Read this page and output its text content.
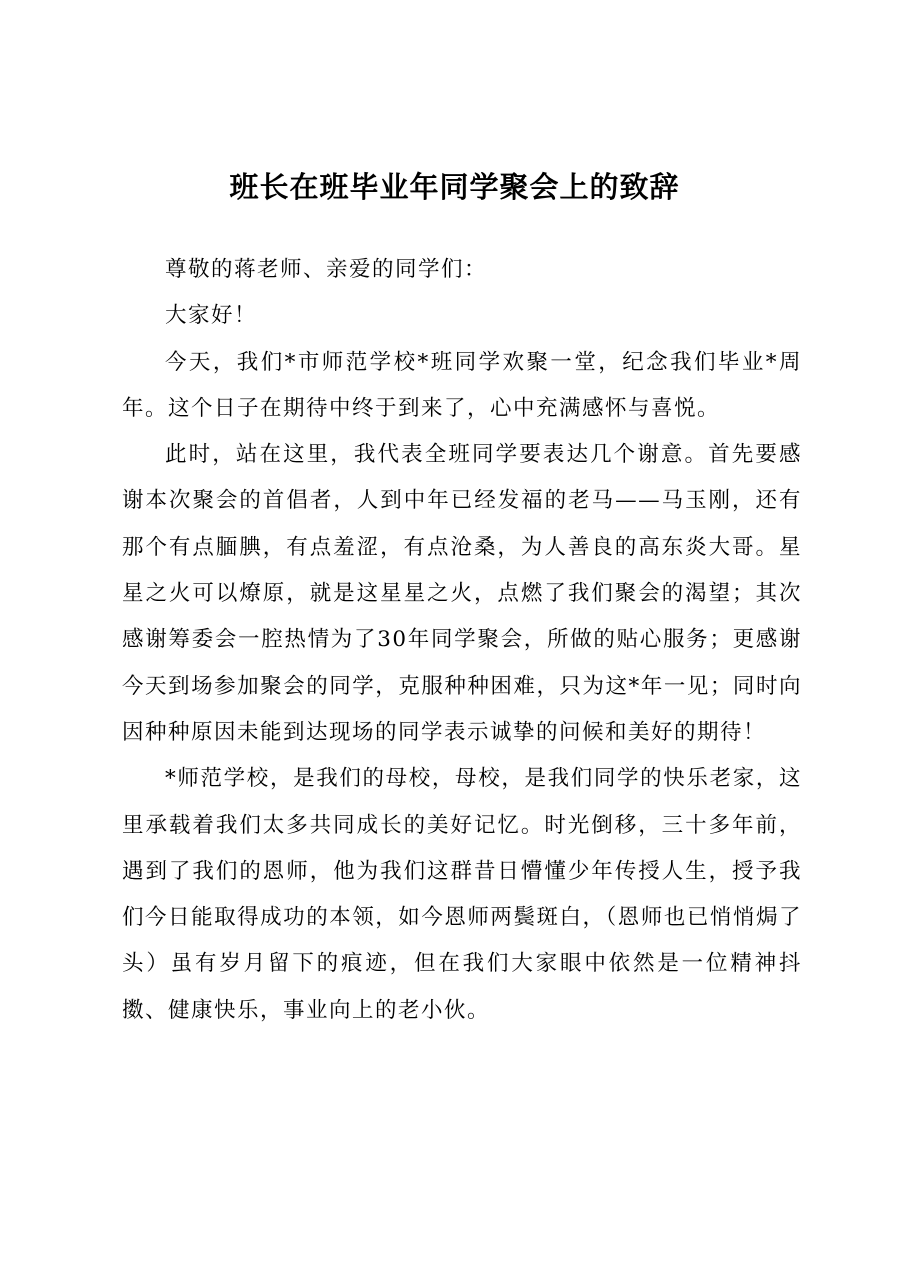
班长在班毕业年同学聚会上的致辞

尊敬的蒋老师、亲爱的同学们：

大家好！

今天，我们*市师范学校*班同学欢聚一堂，纪念我们毕业*周年。这个日子在期待中终于到来了，心中充满感怀与喜悦。

此时，站在这里，我代表全班同学要表达几个谢意。首先要感谢本次聚会的首倡者，人到中年已经发福的老马——马玉刚，还有那个有点腼腆，有点羞涩，有点沧桑，为人善良的高东炎大哥。星星之火可以燎原，就是这星星之火，点燃了我们聚会的渴望；其次感谢筹委会一腔热情为了30年同学聚会，所做的贴心服务；更感谢今天到场参加聚会的同学，克服种种困难，只为这*年一见；同时向因种种原因未能到达现场的同学表示诚挚的问候和美好的期待！

*师范学校，是我们的母校，母校，是我们同学的快乐老家，这里承载着我们太多共同成长的美好记忆。时光倒移，三十多年前，遇到了我们的恩师，他为我们这群昔日懵懂少年传授人生，授予我们今日能取得成功的本领，如今恩师两鬓斑白，（恩师也已悄悄焗了头）虽有岁月留下的痕迹，但在我们大家眼中依然是一位精神抖擞、健康快乐，事业向上的老小伙。
